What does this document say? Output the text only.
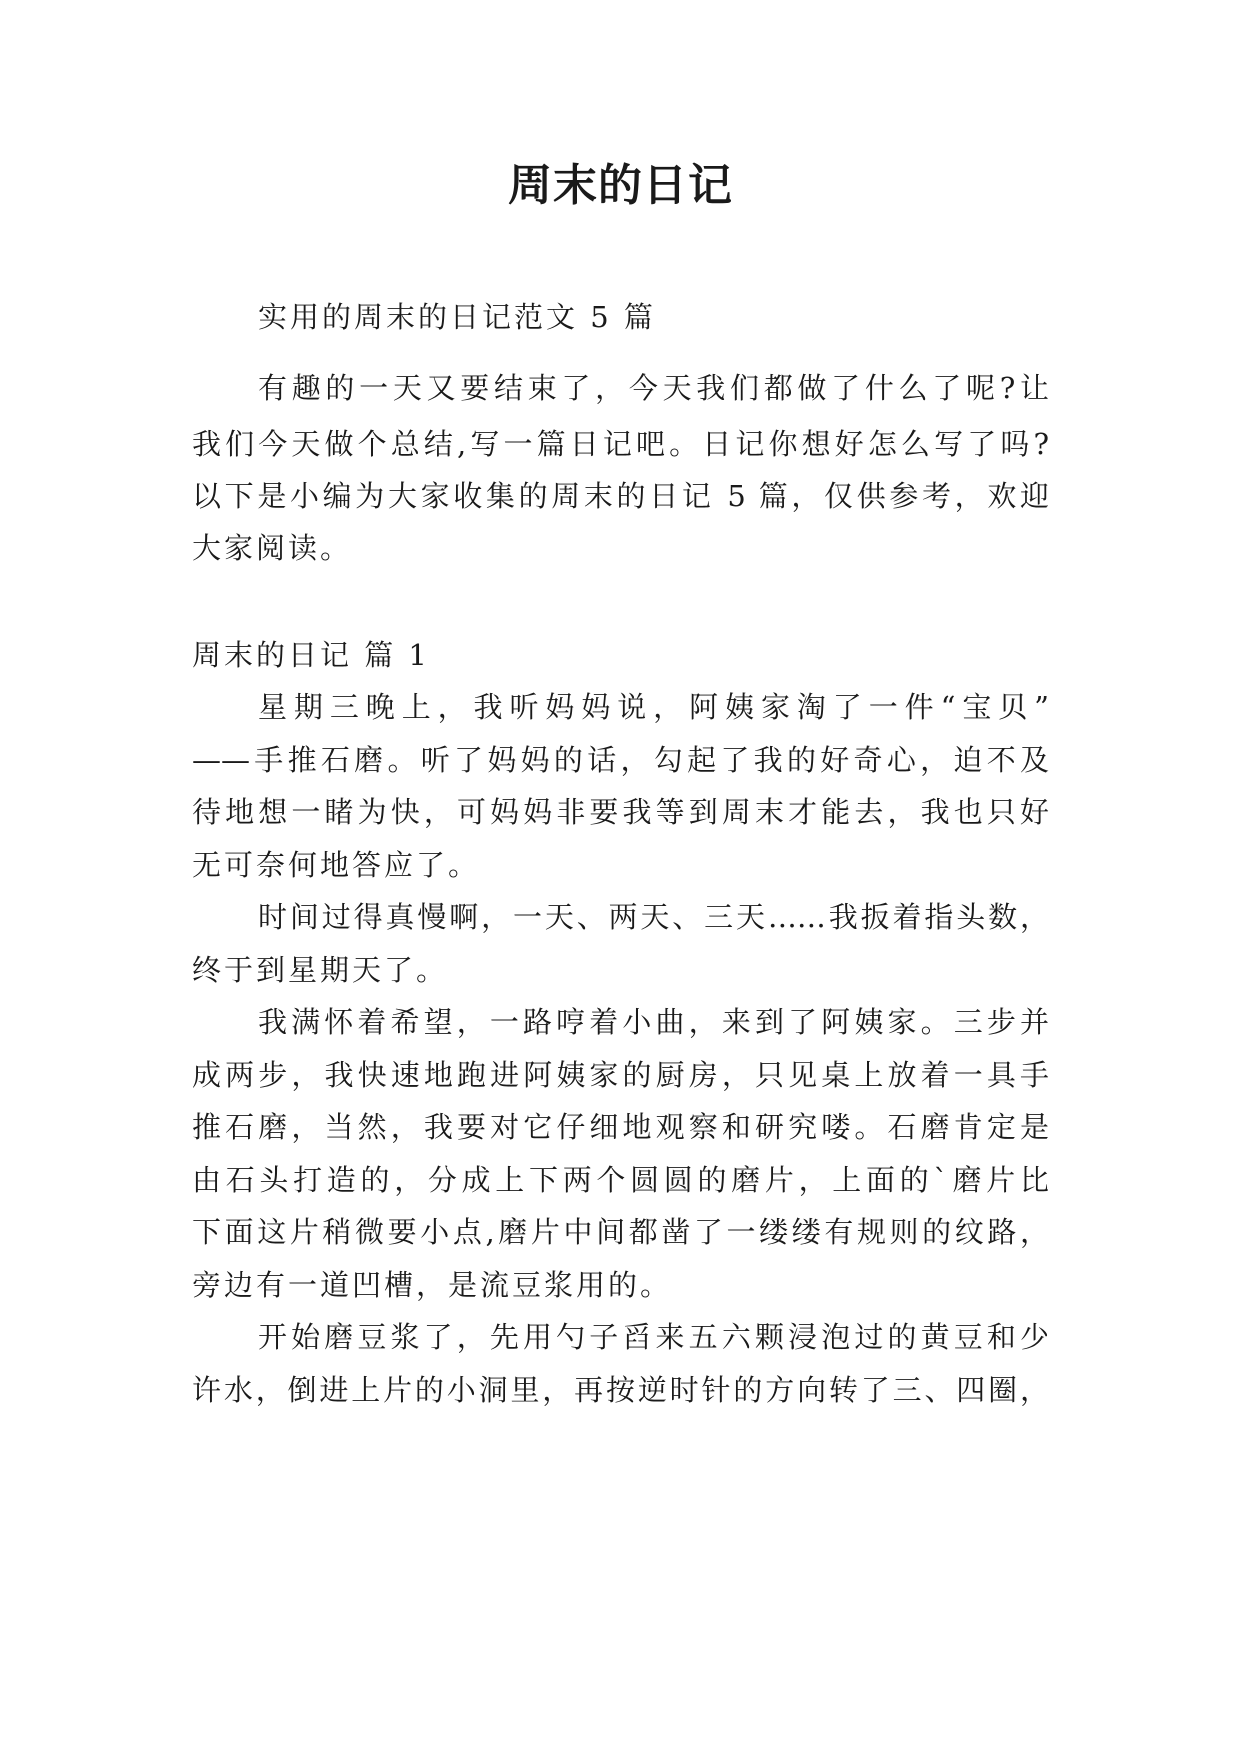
周末的日记

实用的周末的日记范文 5 篇

有趣的一天又要结束了，今天我们都做了什么了呢?让

我们今天做个总结,写一篇日记吧。日记你想好怎么写了吗?

以下是小编为大家收集的周末的日记 5 篇，仅供参考，欢迎

大家阅读。

周末的日记 篇 1

星期三晚上，我听妈妈说，阿姨家淘了一件“宝贝”

——手推石磨。听了妈妈的话，勾起了我的好奇心，迫不及

待地想一睹为快，可妈妈非要我等到周末才能去，我也只好

无可奈何地答应了。

时间过得真慢啊，一天、两天、三天……我扳着指头数，

终于到星期天了。

我满怀着希望，一路哼着小曲，来到了阿姨家。三步并

成两步，我快速地跑进阿姨家的厨房，只见桌上放着一具手

推石磨，当然，我要对它仔细地观察和研究喽。石磨肯定是

由石头打造的，分成上下两个圆圆的磨片，上面的`磨片比

下面这片稍微要小点,磨片中间都凿了一缕缕有规则的纹路，

旁边有一道凹槽，是流豆浆用的。

开始磨豆浆了，先用勺子舀来五六颗浸泡过的黄豆和少

许水，倒进上片的小洞里，再按逆时针的方向转了三、四圈，
